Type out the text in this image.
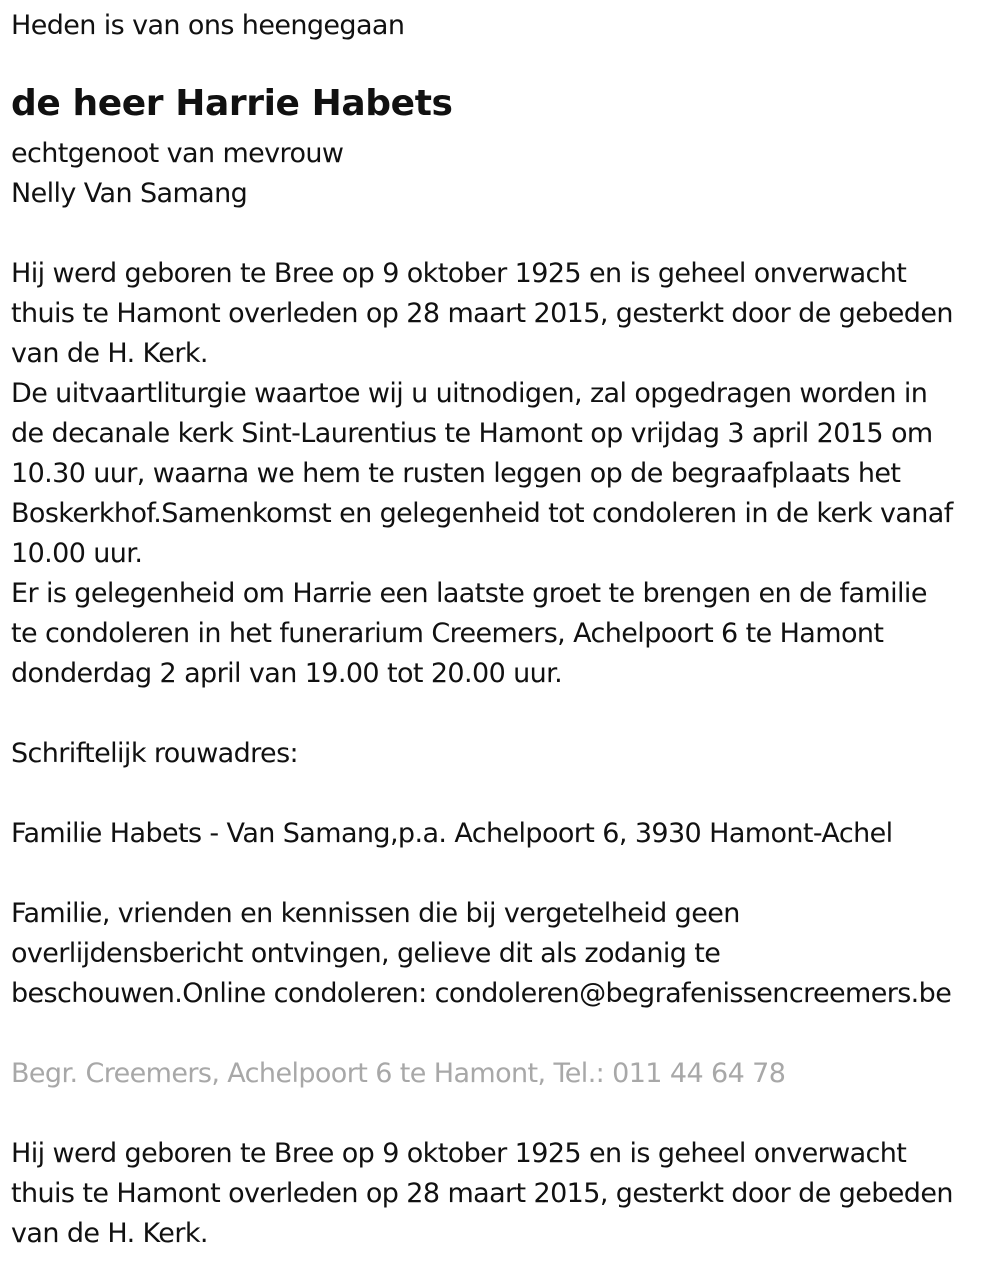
Heden is van ons heengegaan
de heer Harrie Habets
echtgenoot van mevrouw
Nelly Van Samang
Hij werd geboren te Bree op 9 oktober 1925 en is geheel onverwacht
thuis te Hamont overleden op 28 maart 2015, gesterkt door de gebeden
van de H. Kerk.
De uitvaartliturgie waartoe wij u uitnodigen, zal opgedragen worden in
de decanale kerk Sint-Laurentius te Hamont op vrijdag 3 april 2015 om
10.30 uur, waarna we hem te rusten leggen op de begraafplaats het
Boskerkhof.Samenkomst en gelegenheid tot condoleren in de kerk vanaf
10.00 uur.
Er is gelegenheid om Harrie een laatste groet te brengen en de familie
te condoleren in het funerarium Creemers, Achelpoort 6 te Hamont
donderdag 2 april van 19.00 tot 20.00 uur.
Schriftelijk rouwadres:
Familie Habets - Van Samang,p.a. Achelpoort 6, 3930 Hamont-Achel
Familie, vrienden en kennissen die bij vergetelheid geen
overlijdensbericht ontvingen, gelieve dit als zodanig te
beschouwen.Online condoleren: condoleren@begrafenissencreemers.be
Begr. Creemers, Achelpoort 6 te Hamont, Tel.: 011 44 64 78
Hij werd geboren te Bree op 9 oktober 1925 en is geheel onverwacht
thuis te Hamont overleden op 28 maart 2015, gesterkt door de gebeden
van de H. Kerk.
